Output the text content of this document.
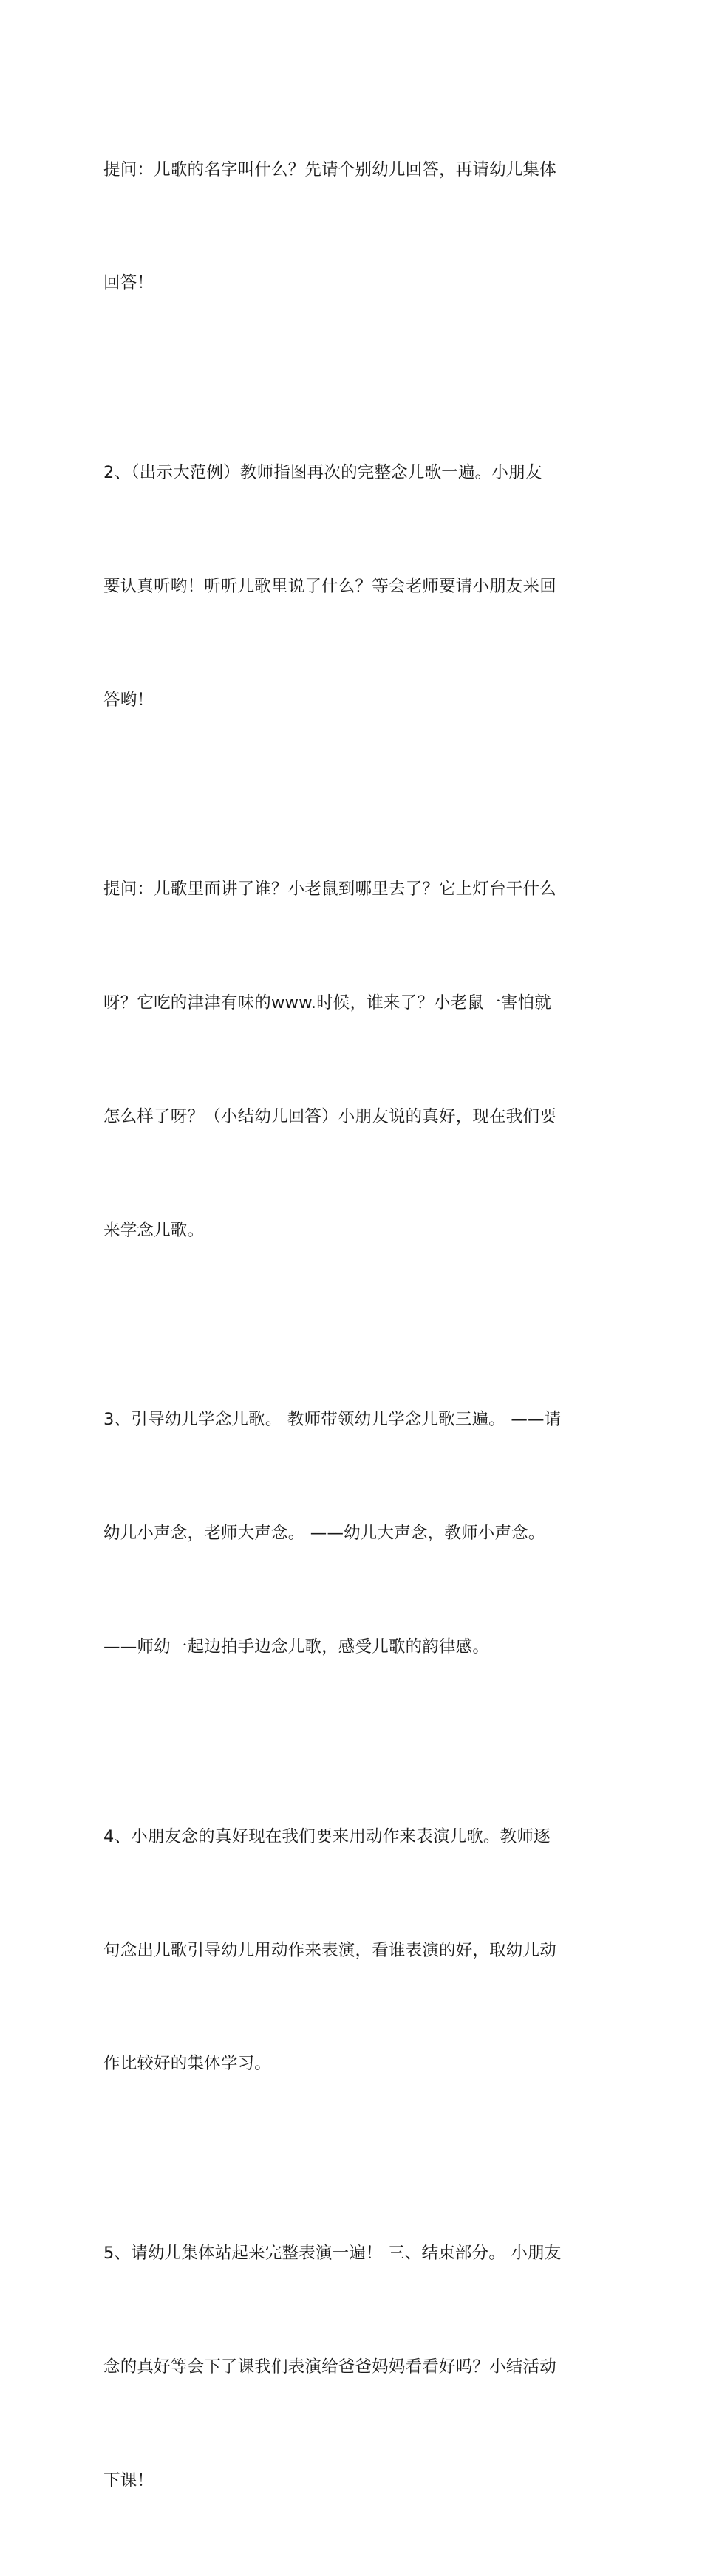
提问：儿歌的名字叫什么？先请个别幼儿回答，再请幼儿集体

回答！

2、（出示大范例）教师指图再次的完整念儿歌一遍。小朋友

要认真听哟！听听儿歌里说了什么？等会老师要请小朋友来回

答哟！

提问：儿歌里面讲了谁？小老鼠到哪里去了？它上灯台干什么

呀？它吃的津津有味的www.时候，谁来了？小老鼠一害怕就

怎么样了呀？（小结幼儿回答）小朋友说的真好，现在我们要

来学念儿歌。

3、引导幼儿学念儿歌。 教师带领幼儿学念儿歌三遍。 ——请

幼儿小声念，老师大声念。 ——幼儿大声念，教师小声念。

——师幼一起边拍手边念儿歌，感受儿歌的韵律感。

4、小朋友念的真好现在我们要来用动作来表演儿歌。教师逐

句念出儿歌引导幼儿用动作来表演，看谁表演的好，取幼儿动

作比较好的集体学习。

5、请幼儿集体站起来完整表演一遍！ 三、结束部分。 小朋友

念的真好等会下了课我们表演给爸爸妈妈看看好吗？小结活动

下课！
